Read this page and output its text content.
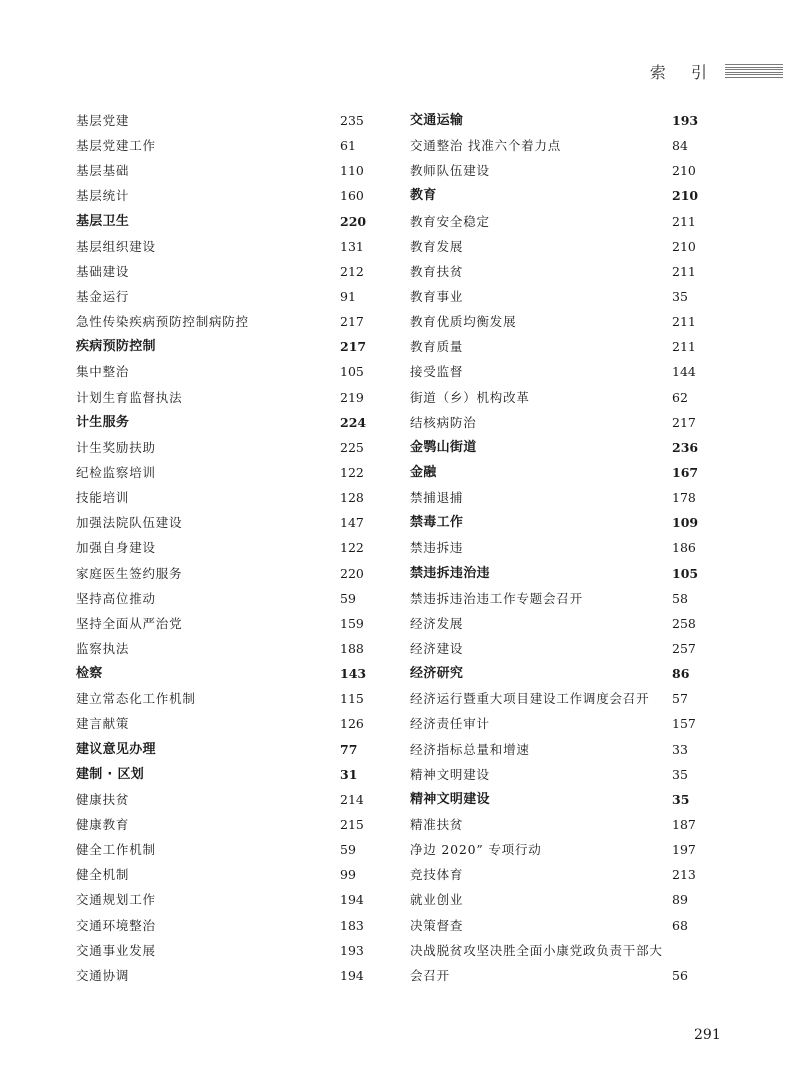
索 引
基层党建	235
基层党建工作	61
基层基础	110
基层统计	160
基层卫生	220
基层组织建设	131
基础建设	212
基金运行	91
急性传染疾病预防控制病防控	217
疾病预防控制	217
集中整治	105
计划生育监督执法	219
计生服务	224
计生奖励扶助	225
纪检监察培训	122
技能培训	128
加强法院队伍建设	147
加强自身建设	122
家庭医生签约服务	220
坚持高位推动	59
坚持全面从严治党	159
监察执法	188
检察	143
建立常态化工作机制	115
建言献策	126
建议意见办理	77
建制 · 区划	31
健康扶贫	214
健康教育	215
健全工作机制	59
健全机制	99
交通规划工作	194
交通环境整治	183
交通事业发展	193
交通协调	194
交通运输	193
交通整治 找准六个着力点	84
教师队伍建设	210
教育	210
教育安全稳定	211
教育发展	210
教育扶贫	211
教育事业	35
教育优质均衡发展	211
教育质量	211
接受监督	144
街道（乡）机构改革	62
结核病防治	217
金鹗山街道	236
金融	167
禁捕退捕	178
禁毒工作	109
禁违拆违	186
禁违拆违治违	105
禁违拆违治违工作专题会召开	58
经济发展	258
经济建设	257
经济研究	86
经济运行暨重大项目建设工作调度会召开 57
经济责任审计	157
经济指标总量和增速	33
精神文明建设	35
精神文明建设	35
精准扶贫	187
净边 2020” 专项行动	197
竞技体育	213
就业创业	89
决策督查	68
决战脱贫攻坚决胜全面小康党政负责干部大
会召开	56
291
